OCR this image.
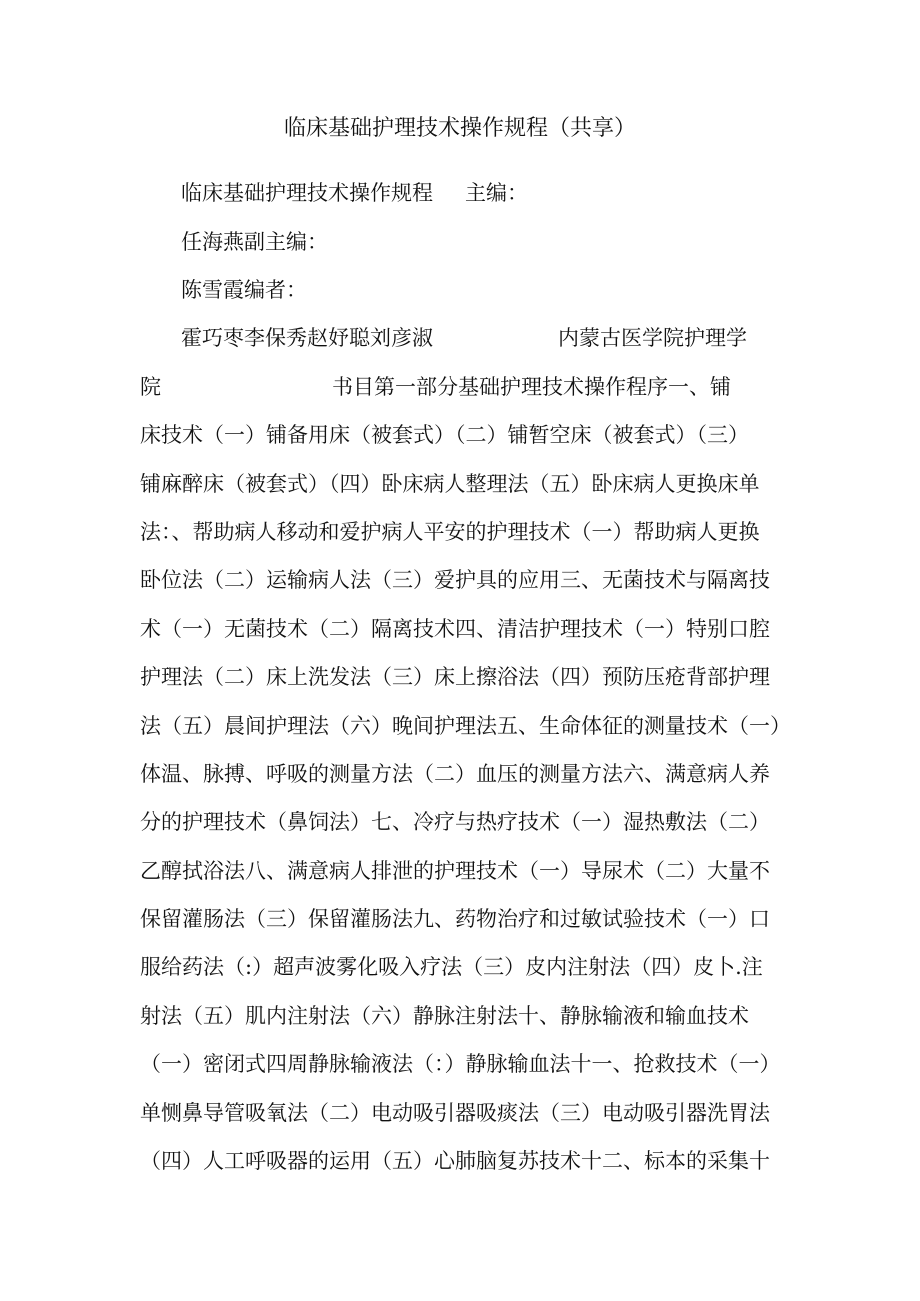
临床基础护理技术操作规程（共享）
临床基础护理技术操作规程 主编：
任海燕副主编：
陈雪霞编者：
霍巧枣李保秀赵妤聪刘彦淑	内蒙古医学院护理学
院	书目第一部分基础护理技术操作程序一、铺
床技术（一）铺备用床（被套式）（二）铺暂空床（被套式）（三）
铺麻醉床（被套式）（四）卧床病人整理法（五）卧床病人更换床单
法：、帮助病人移动和爱护病人平安的护理技术（一）帮助病人更换
卧位法（二）运输病人法（三）爱护具的应用三、无菌技术与隔离技
术（一）无菌技术（二）隔离技术四、清洁护理技术（一）特别口腔
护理法（二）床上洗发法（三）床上擦浴法（四）预防压疮背部护理
法（五）晨间护理法（六）晚间护理法五、生命体征的测量技术（一）
体温、脉搏、呼吸的测量方法（二）血压的测量方法六、满意病人养
分的护理技术（鼻饲法）七、冷疗与热疗技术（一）湿热敷法（二）
乙醇拭浴法八、满意病人排泄的护理技术（一）导尿术（二）大量不
保留灌肠法（三）保留灌肠法九、药物治疗和过敏试验技术（一）口
服给药法（:）超声波雾化吸入疗法（三）皮内注射法（四）皮卜.注
射法（五）肌内注射法（六）静脉注射法十、静脉输液和输血技术
（一）密闭式四周静脉输液法（：）静脉输血法十一、抢救技术（一）
单恻鼻导管吸氧法（二）电动吸引器吸痰法（三）电动吸引器洗胃法
（四）人工呼吸器的运用（五）心肺脑复苏技术十二、标本的采集十
